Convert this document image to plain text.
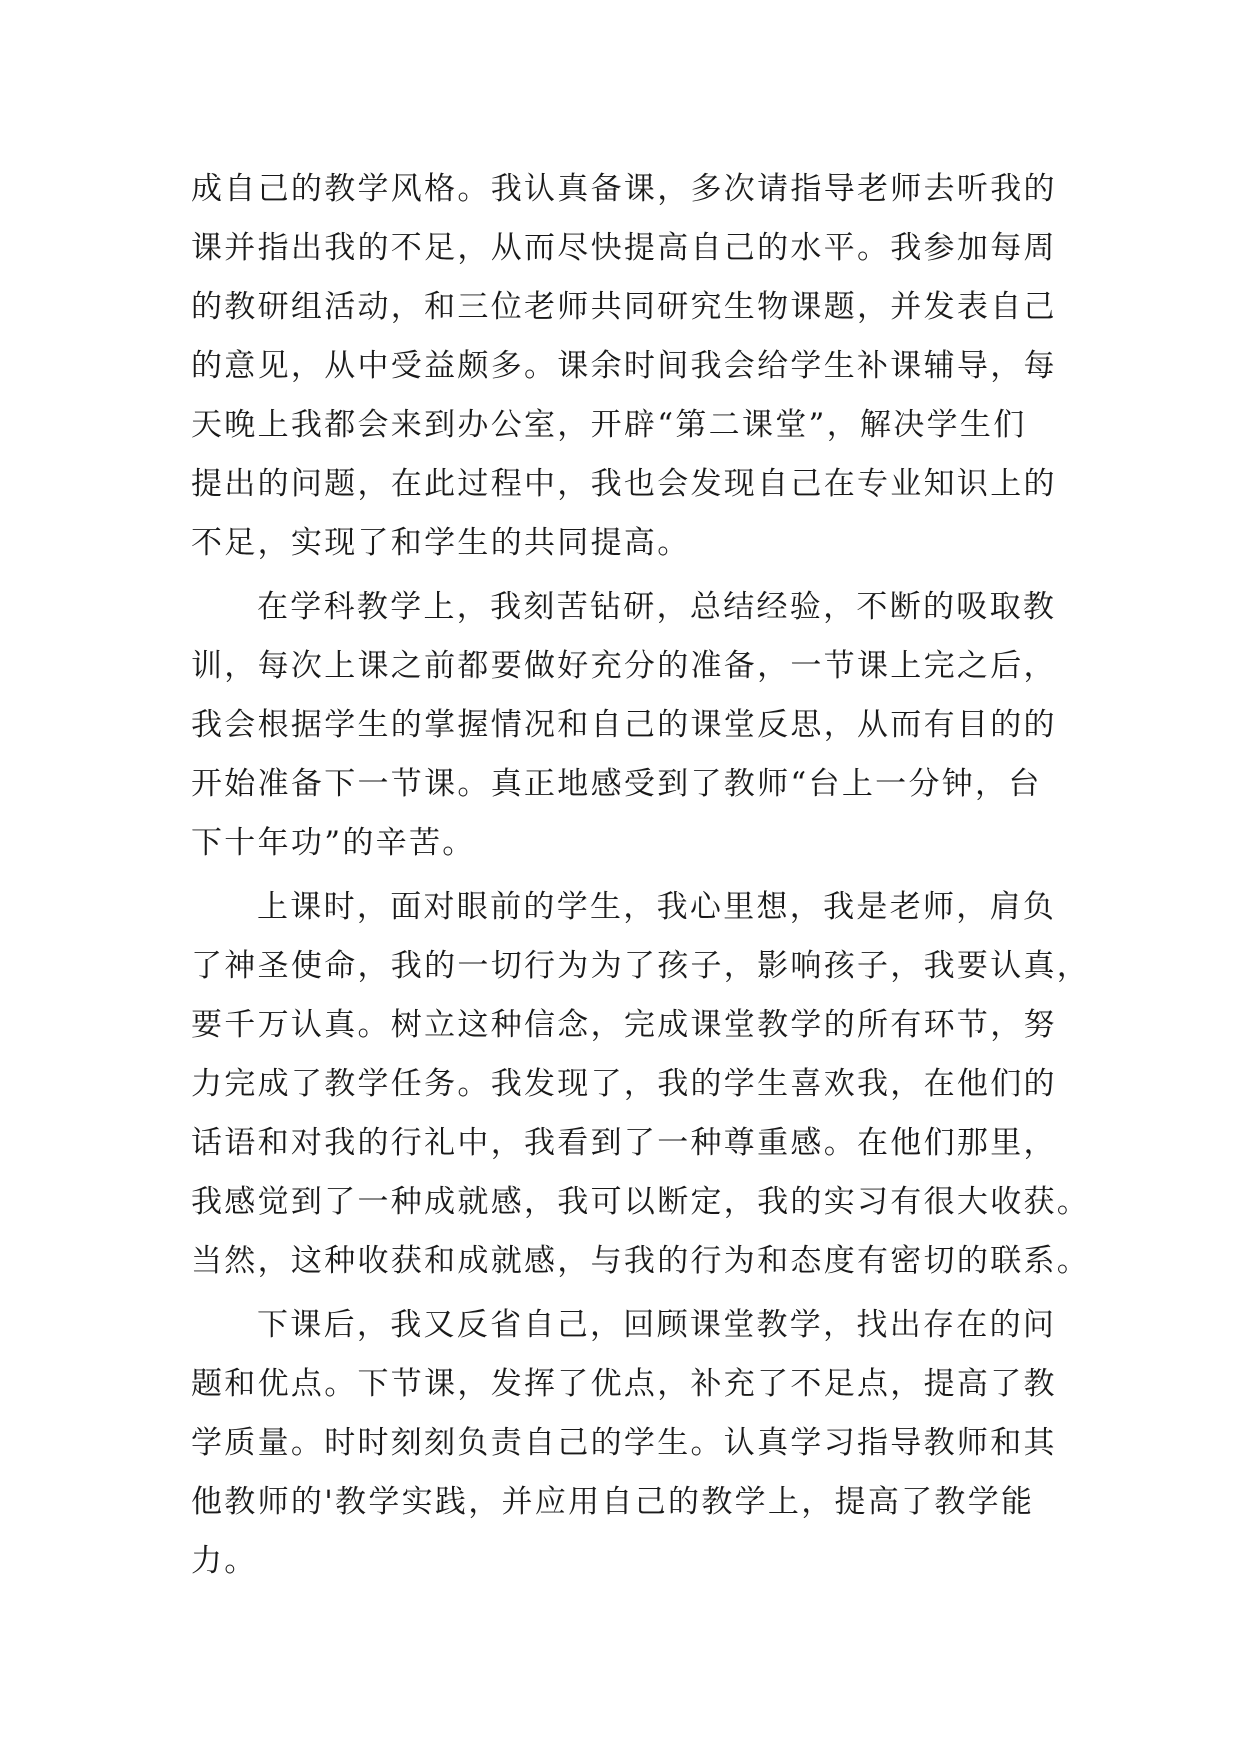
成自己的教学风格。我认真备课，多次请指导老师去听我的
课并指出我的不足，从而尽快提高自己的水平。我参加每周
的教研组活动，和三位老师共同研究生物课题，并发表自己
的意见，从中受益颇多。课余时间我会给学生补课辅导，每
天晚上我都会来到办公室，开辟“第二课堂”，解决学生们
提出的问题，在此过程中，我也会发现自己在专业知识上的
不足，实现了和学生的共同提高。
在学科教学上，我刻苦钻研，总结经验，不断的吸取教
训，每次上课之前都要做好充分的准备，一节课上完之后，
我会根据学生的掌握情况和自己的课堂反思，从而有目的的
开始准备下一节课。真正地感受到了教师“台上一分钟，台
下十年功”的辛苦。
上课时，面对眼前的学生，我心里想，我是老师，肩负
了神圣使命，我的一切行为为了孩子，影响孩子，我要认真，
要千万认真。树立这种信念，完成课堂教学的所有环节，努
力完成了教学任务。我发现了，我的学生喜欢我，在他们的
话语和对我的行礼中，我看到了一种尊重感。在他们那里，
我感觉到了一种成就感，我可以断定，我的实习有很大收获。
当然，这种收获和成就感，与我的行为和态度有密切的联系。
下课后，我又反省自己，回顾课堂教学，找出存在的问
题和优点。下节课，发挥了优点，补充了不足点，提高了教
学质量。时时刻刻负责自己的学生。认真学习指导教师和其
他教师的'教学实践，并应用自己的教学上，提高了教学能
力。
